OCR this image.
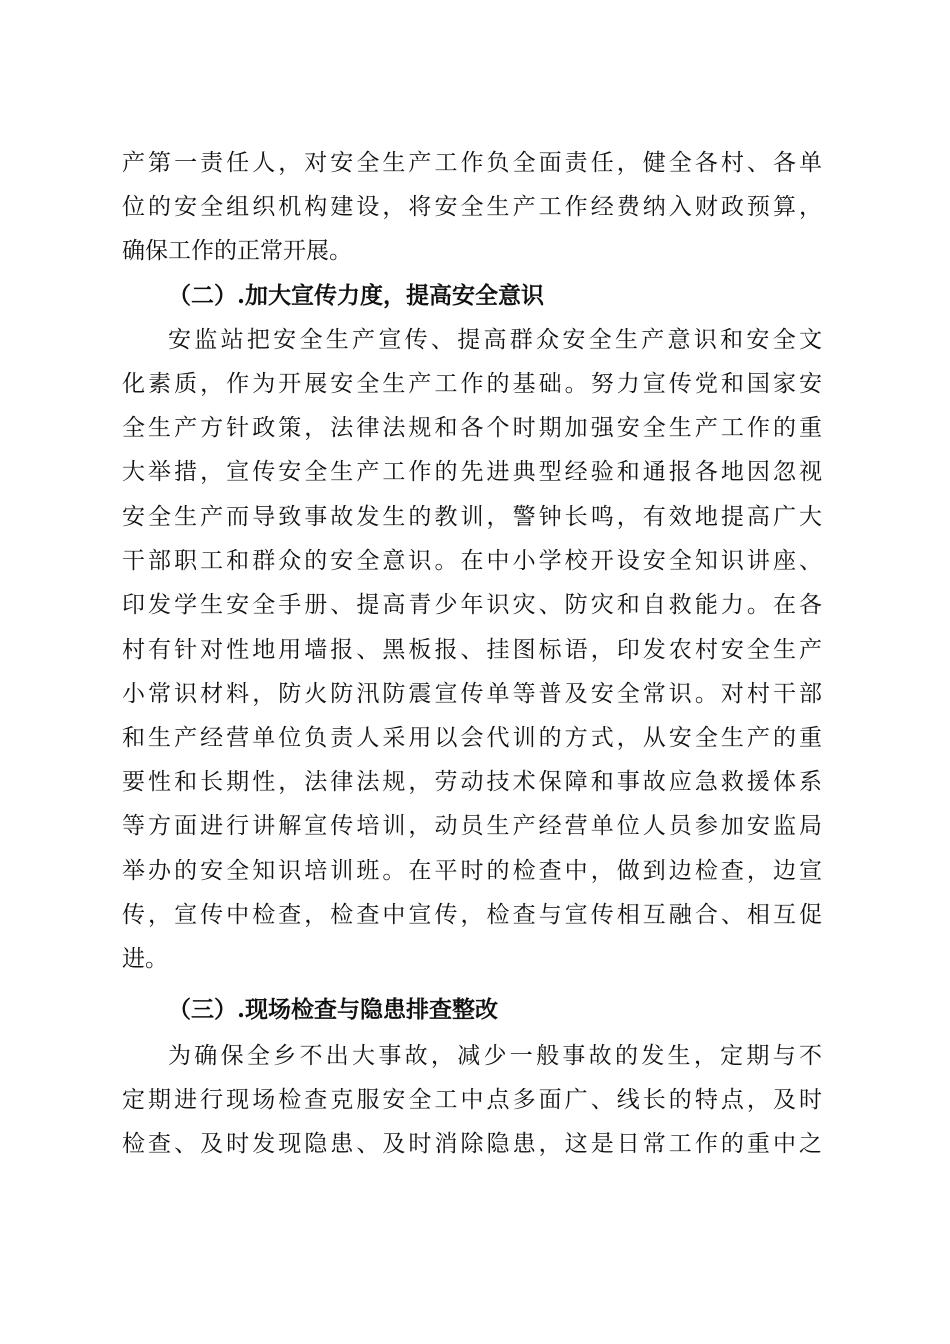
产第一责任人，对安全生产工作负全面责任，健全各村、各单
位的安全组织机构建设，将安全生产工作经费纳入财政预算，
确保工作的正常开展。
（二）.加大宣传力度，提高安全意识
安监站把安全生产宣传、提高群众安全生产意识和安全文
化素质，作为开展安全生产工作的基础。努力宣传党和国家安
全生产方针政策，法律法规和各个时期加强安全生产工作的重
大举措，宣传安全生产工作的先进典型经验和通报各地因忽视
安全生产而导致事故发生的教训，警钟长鸣，有效地提高广大
干部职工和群众的安全意识。在中小学校开设安全知识讲座、
印发学生安全手册、提高青少年识灾、防灾和自救能力。在各
村有针对性地用墙报、黑板报、挂图标语，印发农村安全生产
小常识材料，防火防汛防震宣传单等普及安全常识。对村干部
和生产经营单位负责人采用以会代训的方式，从安全生产的重
要性和长期性，法律法规，劳动技术保障和事故应急救援体系
等方面进行讲解宣传培训，动员生产经营单位人员参加安监局
举办的安全知识培训班。在平时的检查中，做到边检查，边宣
传，宣传中检查，检查中宣传，检查与宣传相互融合、相互促
进。
（三）.现场检查与隐患排查整改
为确保全乡不出大事故，减少一般事故的发生，定期与不
定期进行现场检查克服安全工中点多面广、线长的特点，及时
检查、及时发现隐患、及时消除隐患，这是日常工作的重中之
